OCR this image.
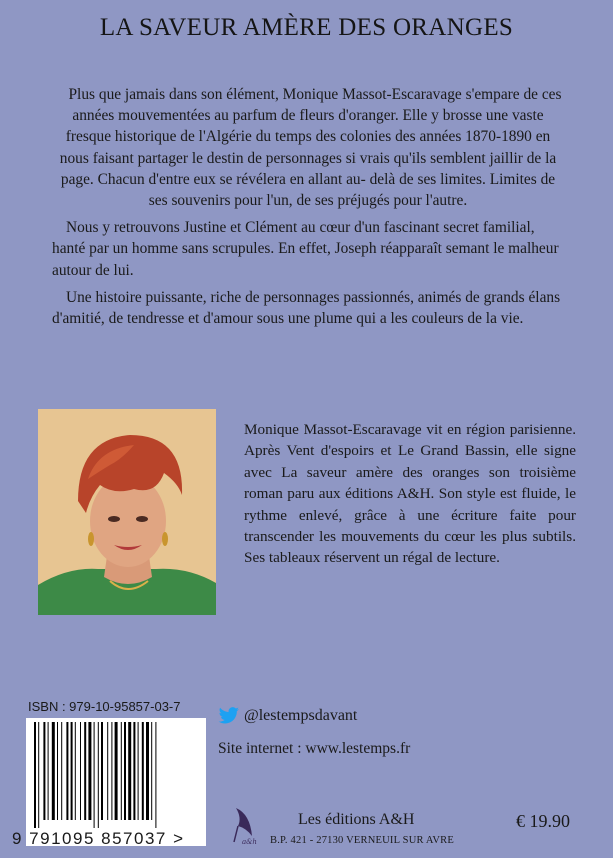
LA SAVEUR AMÈRE DES ORANGES

Plus que jamais dans son élément, Monique Massot-Escaravage s'empare de ces années mouvementées au parfum de fleurs d'oranger. Elle y brosse une vaste fresque historique de l'Algérie du temps des colonies des années 1870-1890 en nous faisant partager le destin de personnages si vrais qu'ils semblent jaillir de la page. Chacun d'entre eux se révélera en allant au- delà de ses limites. Limites de ses souvenirs pour l'un, de ses préjugés pour l'autre.

Nous y retrouvons Justine et Clément au cœur d'un fascinant secret familial, hanté par un homme sans scrupules. En effet, Joseph réapparaît semant le malheur autour de lui.

Une histoire puissante, riche de personnages passionnés, animés de grands élans d'amitié, de tendresse et d'amour sous une plume qui a les couleurs de la vie.

Monique Massot-Escaravage vit en région parisienne. Après Vent d'espoirs et Le Grand Bassin, elle signe avec La saveur amère des oranges son troisième roman paru aux éditions A&H. Son style est fluide, le rythme enlevé, grâce à une écriture faite pour transcender les mouvements du cœur les plus subtils. Ses tableaux réservent un régal de lecture.
ISBN : 979-10-95857-03-7
9 791095 857037 >
@lestempsdavant
Site internet : www.lestemps.fr
a&h
Les éditions A&H
B.P. 421 - 27130 VERNEUIL SUR AVRE
€ 19.90
